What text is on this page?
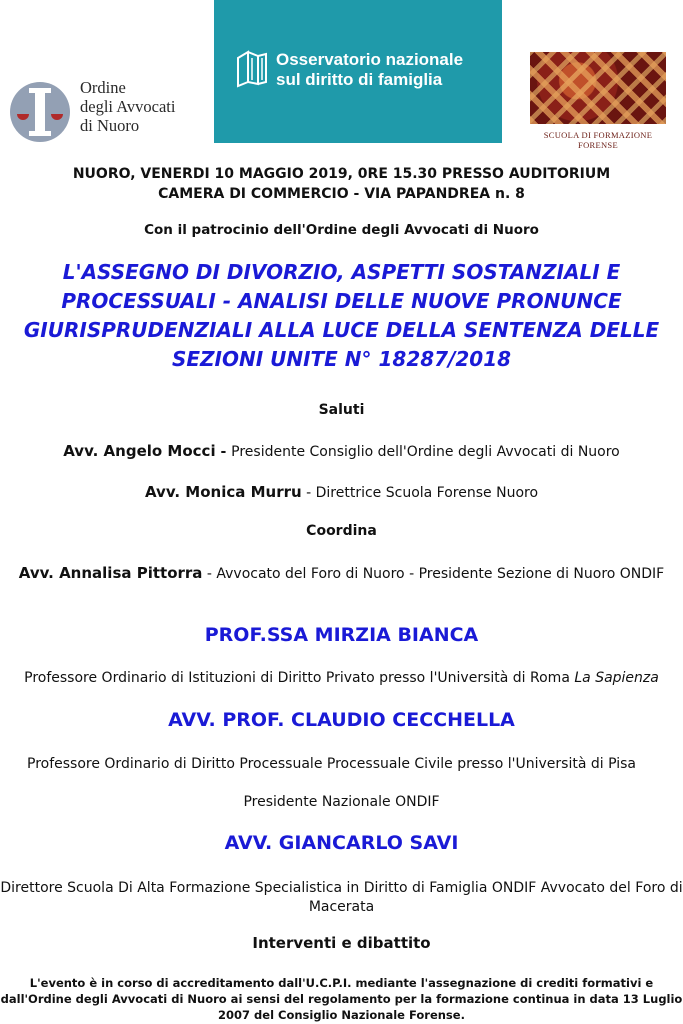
Ordine
degli Avvocati
di Nuoro
Osservatorio nazionale
sul diritto di famiglia
SCUOLA DI FORMAZIONE FORENSE
NUORO, VENERDI 10 MAGGIO 2019, 0RE 15.30 PRESSO AUDITORIUM CAMERA DI COMMERCIO - VIA PAPANDREA n. 8
Con il patrocinio dell'Ordine degli Avvocati di Nuoro
L'ASSEGNO DI DIVORZIO, ASPETTI SOSTANZIALI E PROCESSUALI - ANALISI DELLE NUOVE PRONUNCE GIURISPRUDENZIALI ALLA LUCE DELLA SENTENZA DELLE SEZIONI UNITE N° 18287/2018
Saluti
Avv. Angelo Mocci - Presidente Consiglio dell'Ordine degli Avvocati di Nuoro
Avv. Monica Murru - Direttrice Scuola Forense Nuoro
Coordina
Avv. Annalisa Pittorra - Avvocato del Foro di Nuoro - Presidente Sezione di Nuoro ONDIF
PROF.SSA MIRZIA BIANCA
Professore Ordinario di Istituzioni di Diritto Privato presso l'Università di Roma La Sapienza
AVV. PROF. CLAUDIO CECCHELLA
Professore Ordinario di Diritto Processuale Processuale Civile presso l'Università di Pisa
Presidente Nazionale ONDIF
AVV. GIANCARLO SAVI
Direttore Scuola Di Alta Formazione Specialistica in Diritto di Famiglia ONDIF Avvocato del Foro di Macerata
Interventi e dibattito
L'evento è in corso di accreditamento dall'U.C.P.I. mediante l'assegnazione di crediti formativi e dall'Ordine degli Avvocati di Nuoro ai sensi del regolamento per la formazione continua in data 13 Luglio 2007 del Consiglio Nazionale Forense.
